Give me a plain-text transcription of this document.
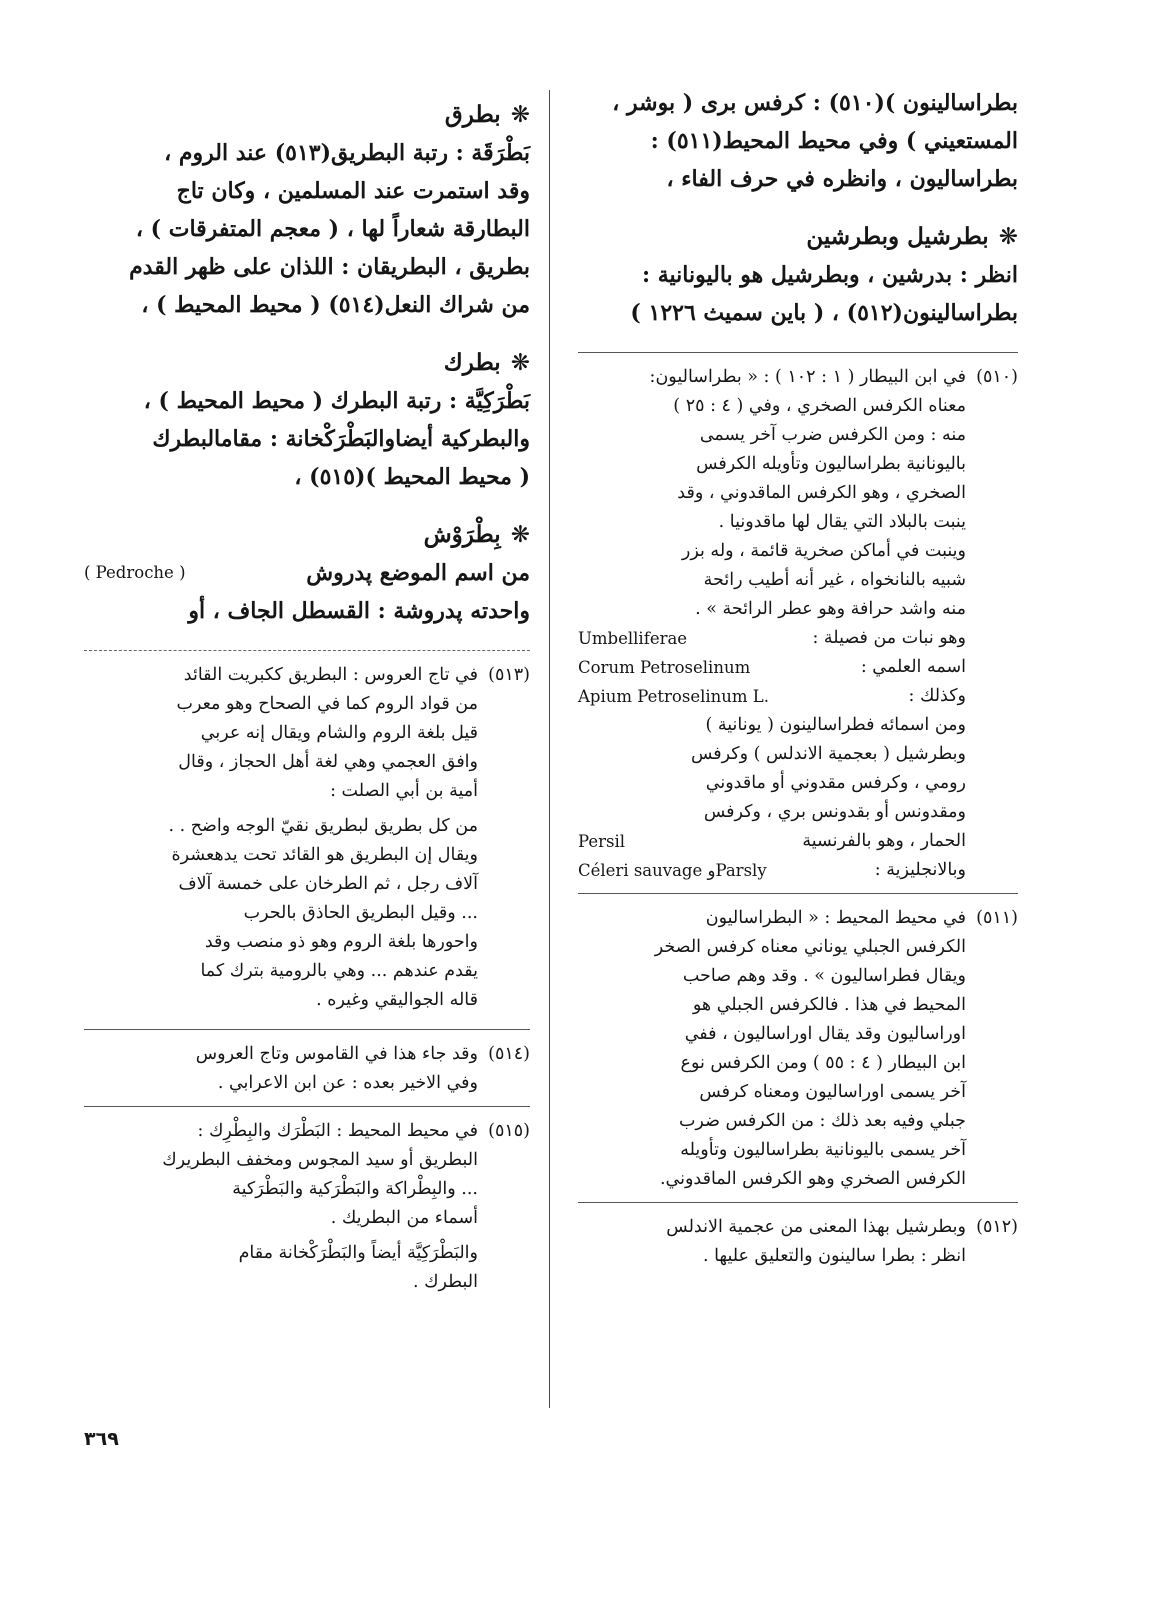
بطراسالينون )(٥١٠) : كرفس برى ( بوشر ،
المستعيني ) وفي محيط المحيط(٥١١) :
بطراساليون ، وانظره في حرف الفاء ،
❋بطرشيل وبطرشين
انظر : بدرشين ، وبطرشيل هو باليونانية :
بطراسالينون(٥١٢) ، ( باين سميث ١٢٢٦ )
(٥١٠)
في ابن البيطار ( ١ : ١٠٢ ) : « بطراساليون:
معناه الكرفس الصخري ، وفي ( ٤ : ٢٥ )
منه : ومن الكرفس ضرب آخر يسمى
باليونانية بطراساليون وتأويله الكرفس
الصخري ، وهو الكرفس الماقدوني ، وقد
ينبت بالبلاد التي يقال لها ماقدونيا .
وينبت في أماكن صخرية قائمة ، وله بزر
شبيه بالنانخواه ، غير أنه أطيب رائحة
منه واشد حرافة وهو عطر الرائحة » .
وهو نبات من فصيلة :
Umbelliferae
اسمه العلمي :
Corum Petroselinum
وكذلك :
Apium Petroselinum L.
ومن اسمائه فطراسالينون ( يونانية )
وبطرشيل ( بعجمية الاندلس ) وكرفس
رومي ، وكرفس مقدوني أو ماقدوني
ومقدونس أو بقدونس بري ، وكرفس
الحمار ، وهو بالفرنسية
Persil
وبالانجليزية :
Céleri sauvage وParsly
(٥١١)
في محيط المحيط : « البطراساليون
الكرفس الجبلي يوناني معناه كرفس الصخر
ويقال فطراساليون » . وقد وهم صاحب
المحيط في هذا . فالكرفس الجبلي هو
اوراساليون وقد يقال اوراساليون ، ففي
ابن البيطار ( ٤ : ٥٥ ) ومن الكرفس نوع
آخر يسمى اوراساليون ومعناه كرفس
جبلي وفيه بعد ذلك : من الكرفس ضرب
آخر يسمى باليونانية بطراساليون وتأويله
الكرفس الصخري وهو الكرفس الماقدوني.
(٥١٢)
وبطرشيل بهذا المعنى من عجمية الاندلس
انظر : بطرا سالينون والتعليق عليها .
❋بطرق
بَطْرَقَة : رتبة البطريق(٥١٣) عند الروم ،
وقد استمرت عند المسلمين ، وكان تاج
البطارقة شعاراً لها ، ( معجم المتفرقات ) ،
بطريق ، البطريقان : اللذان على ظهر القدم
من شراك النعل(٥١٤) ( محيط المحيط ) ،
❋بطرك
بَطْرَكِيَّة : رتبة البطرك ( محيط المحيط ) ،
والبطركية أيضاوالبَطْرَكْخانة : مقامالبطرك
( محيط المحيط )(٥١٥) ،
❋بِطْرَوْش
من اسم الموضع پدروش
( Pedroche )
واحدته پدروشة : القسطل الجاف ، أو
(٥١٣)

في تاج العروس : البطريق ككبريت القائد
من قواد الروم كما في الصحاح وهو معرب
قيل بلغة الروم والشام ويقال إنه عربي
وافق العجمي وهي لغة أهل الحجاز ، وقال
أمية بن أبي الصلت :

من كل بطريق لبطريق نقيّ الوجه واضح . .
ويقال إن البطريق هو القائد تحت يدهعشرة
آلاف رجل ، ثم الطرخان على خمسة آلاف
... وقيل البطريق الحاذق بالحرب
واحورها بلغة الروم وهو ذو منصب وقد
يقدم عندهم ... وهي بالرومية بترك كما
قاله الجواليقي وغيره .

(٥١٤)
وقد جاء هذا في القاموس وتاج العروس
وفي الاخير بعده : عن ابن الاعرابي .
(٥١٥)

في محيط المحيط : البَطْرَك والبِطْرِك :
البطريق أو سيد المجوس ومخفف البطريرك
... والبِطْراكة والبَطْرَكية والبَطْرَكية
أسماء من البطريك .

والبَطْرَكِيَّة أيضاً والبَطْرَكْخانة مقام
البطرك .

٣٦٩
